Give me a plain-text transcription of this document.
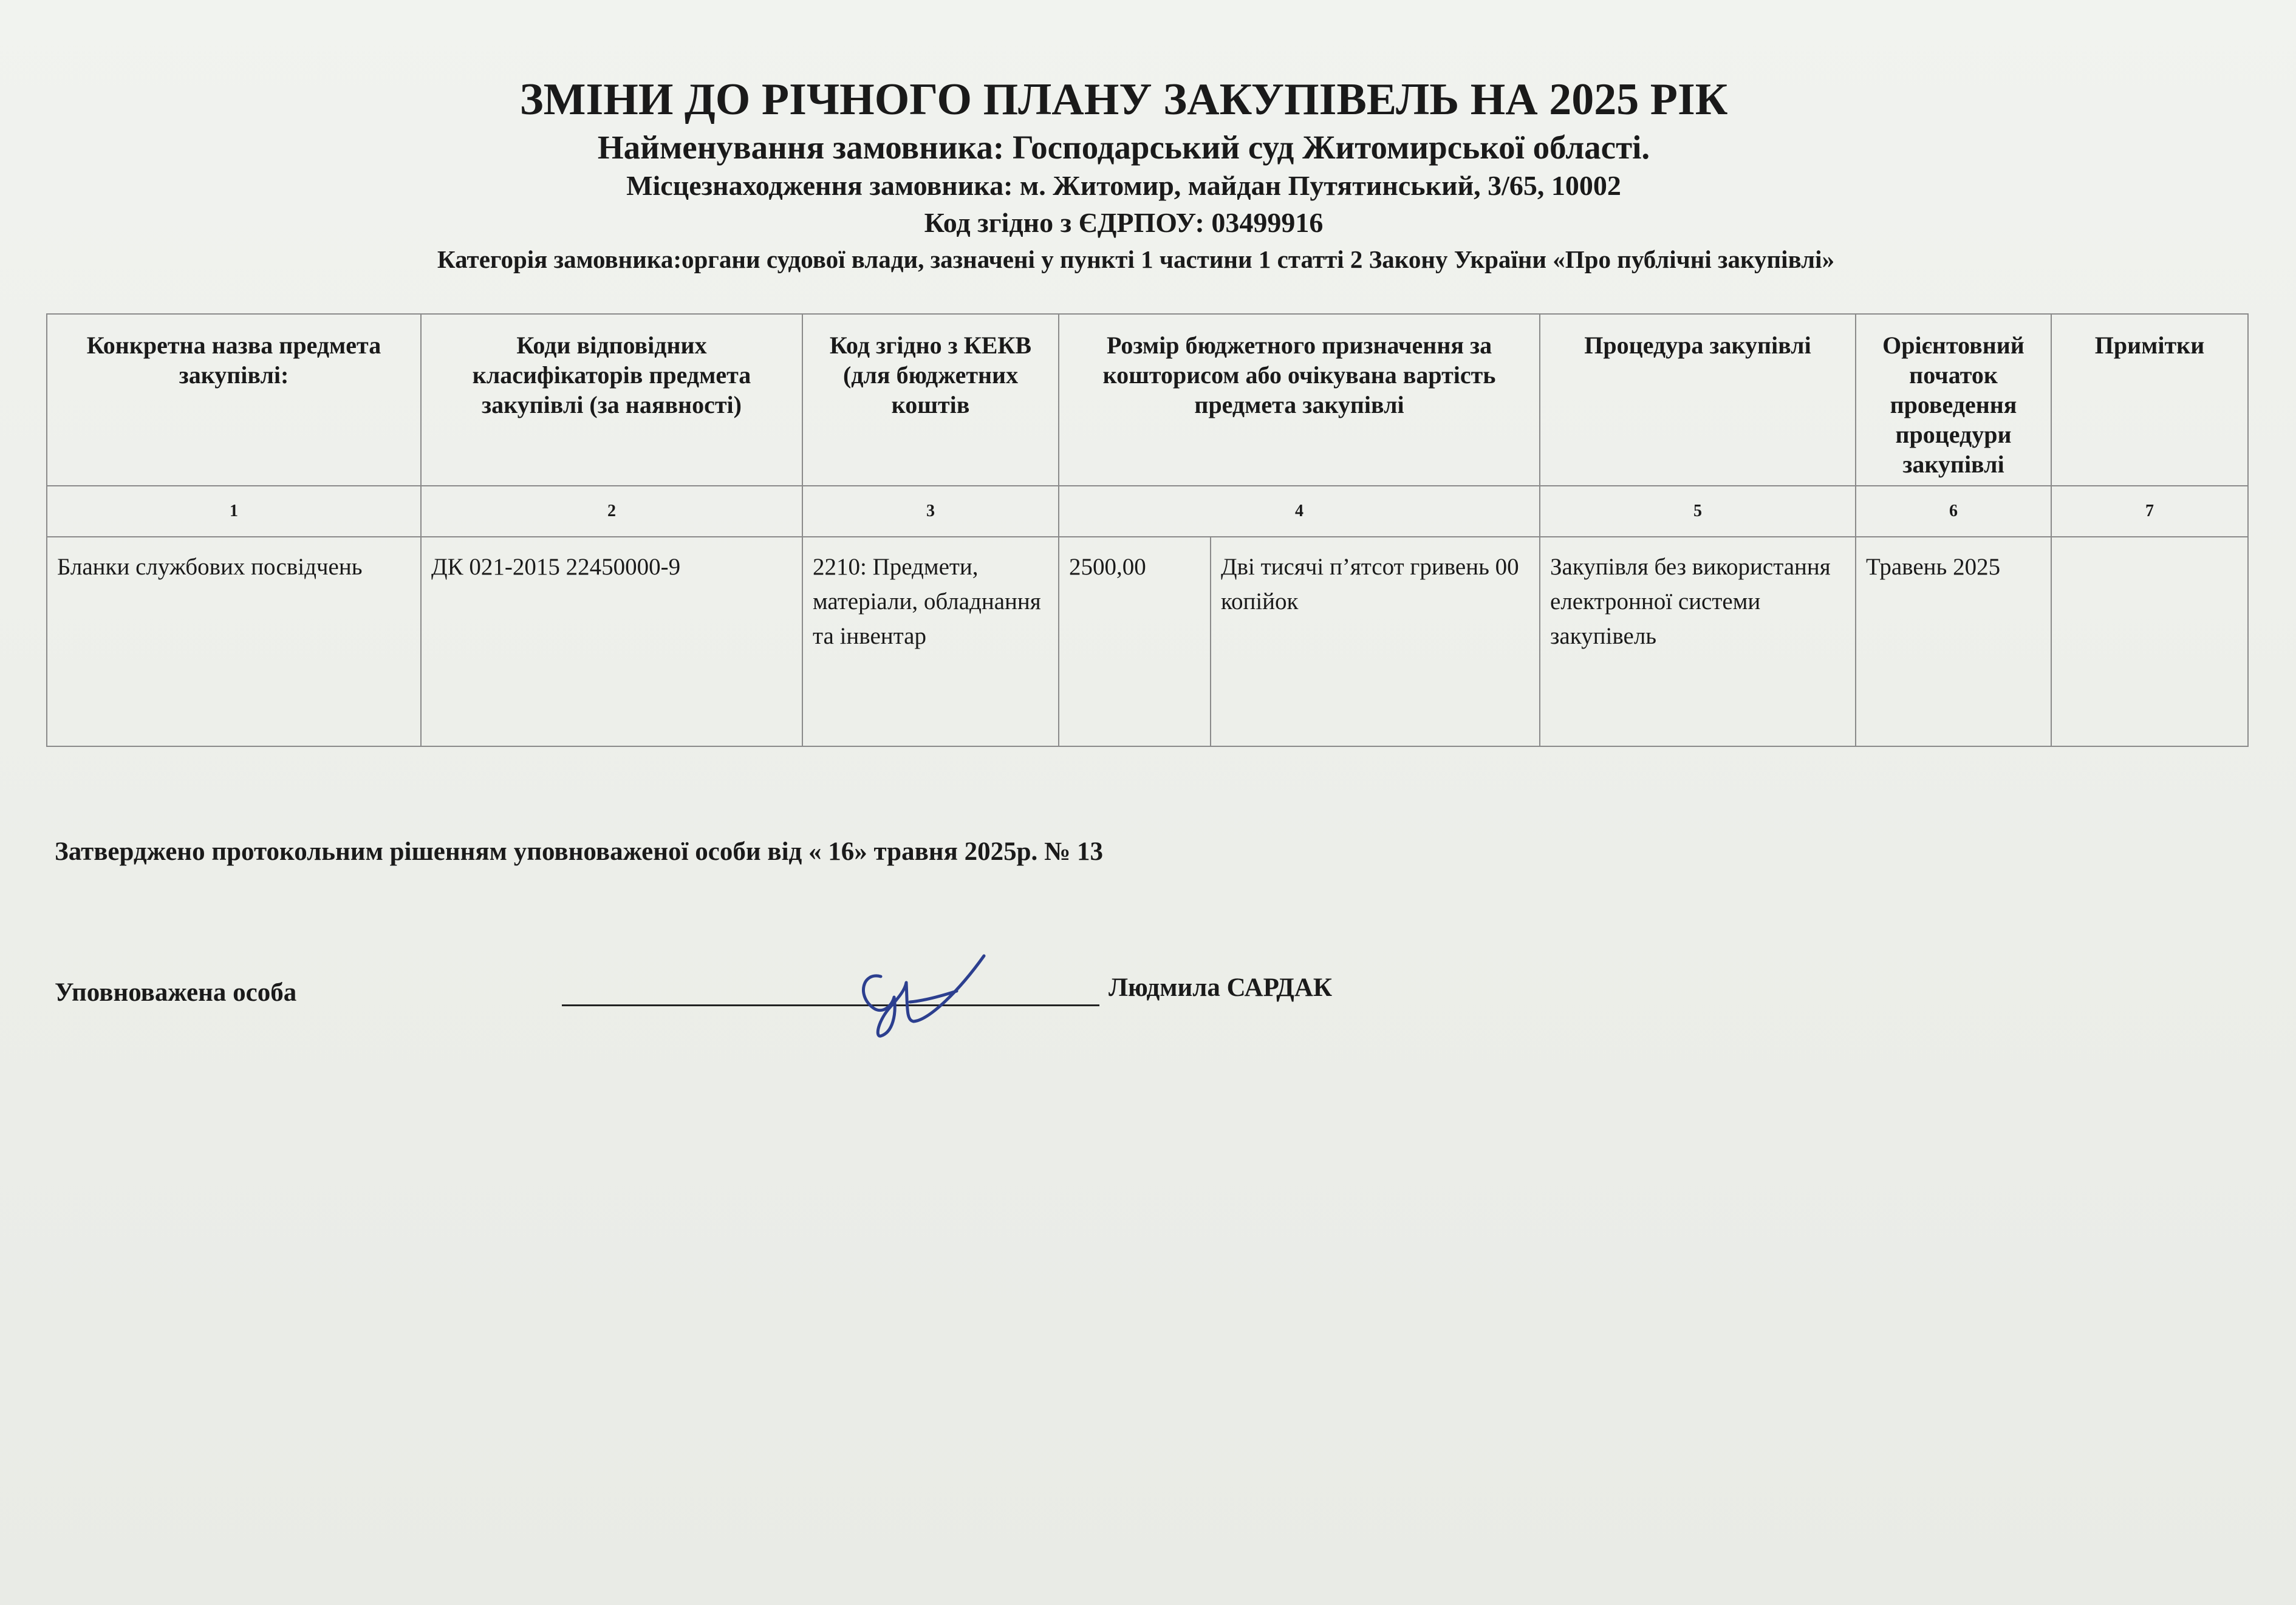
ЗМІНИ ДО РІЧНОГО ПЛАНУ ЗАКУПІВЕЛЬ НА 2025 РІК
Найменування замовника: Господарський суд Житомирської області.
Місцезнаходження замовника: м. Житомир, майдан Путятинський, 3/65, 10002
Код згідно з ЄДРПОУ: 03499916
Категорія замовника:органи судової влади, зазначені у пункті 1 частини 1 статті 2 Закону України «Про публічні закупівлі»
Конкретна назва предмета закупівлі:	Коди відповідних класифікаторів предмета закупівлі (за наявності)	Код згідно з КЕКВ (для бюджетних коштів	Розмір бюджетного призначення за кошторисом або очікувана вартість предмета закупівлі		Процедура закупівлі	Орієнтовний початок проведення процедури закупівлі	Примітки
1	2	3	4		5	6	7
Бланки службових посвідчень	ДК 021-2015 22450000-9	2210: Предмети, матеріали, обладнання та інвентар	2500,00	Дві тисячі п’ятсот гривень 00 копійок	Закупівля без використання електронної системи закупівель	Травень 2025	
Затверджено протокольним рішенням уповноваженої особи від « 16» травня 2025р. № 13
Уповноважена особа	Людмила САРДАК
